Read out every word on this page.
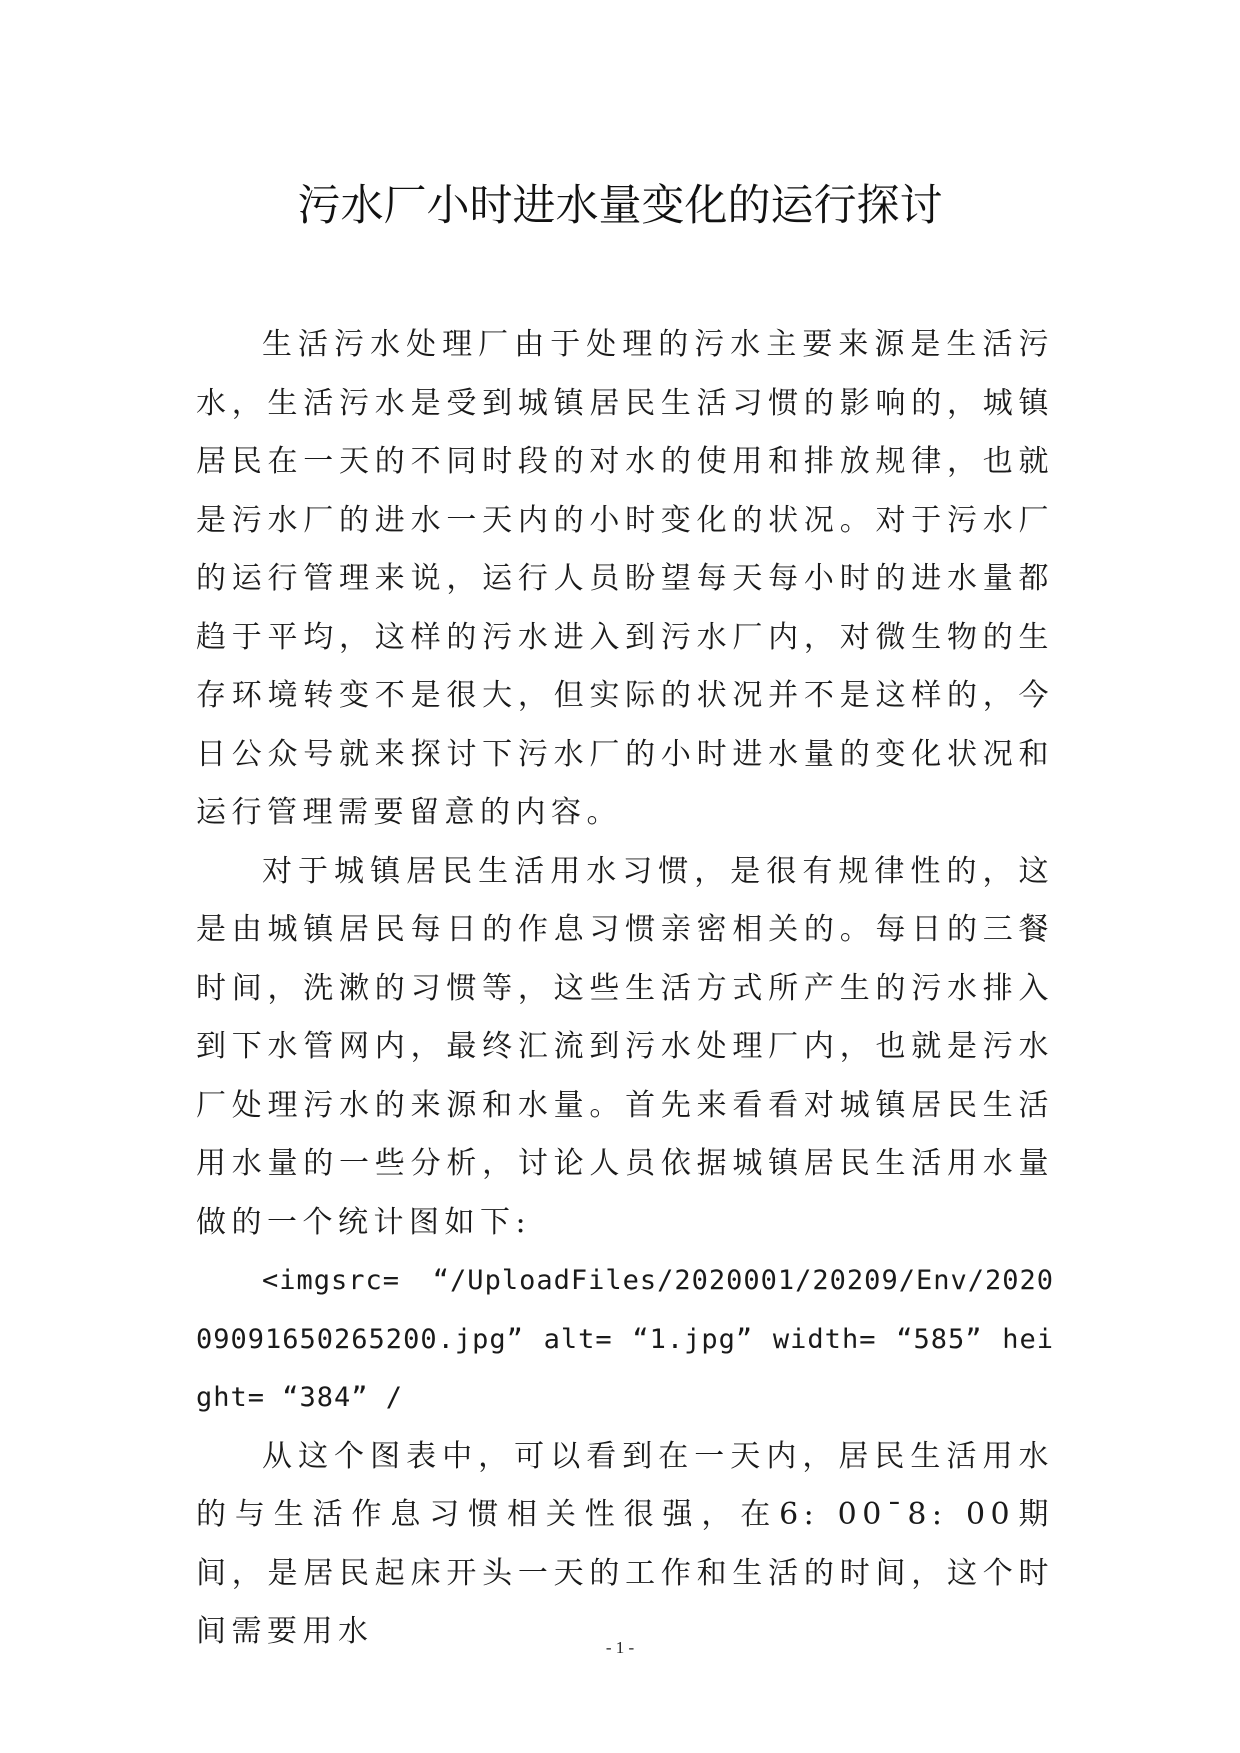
污水厂小时进水量变化的运行探讨

生活污水处理厂由于处理的污水主要来源是生活污水，生活污水是受到城镇居民生活习惯的影响的，城镇居民在一天的不同时段的对水的使用和排放规律，也就是污水厂的进水一天内的小时变化的状况。对于污水厂的运行管理来说，运行人员盼望每天每小时的进水量都趋于平均，这样的污水进入到污水厂内，对微生物的生存环境转变不是很大，但实际的状况并不是这样的，今日公众号就来探讨下污水厂的小时进水量的变化状况和运行管理需要留意的内容。

对于城镇居民生活用水习惯，是很有规律性的，这是由城镇居民每日的作息习惯亲密相关的。每日的三餐时间，洗漱的习惯等，这些生活方式所产生的污水排入到下水管网内，最终汇流到污水处理厂内，也就是污水厂处理污水的来源和水量。首先来看看对城镇居民生活用水量的一些分析，讨论人员依据城镇居民生活用水量做的一个统计图如下:

<imgsrc= “/UploadFiles/2020001/20209/Env/202009091650265200.jpg” alt= “1.jpg” width= “585” height= “384” /

从这个图表中，可以看到在一天内，居民生活用水的与生活作息习惯相关性很强，在6: 00¯8: 00期间，是居民起床开头一天的工作和生活的时间，这个时间需要用水	- 1 -
